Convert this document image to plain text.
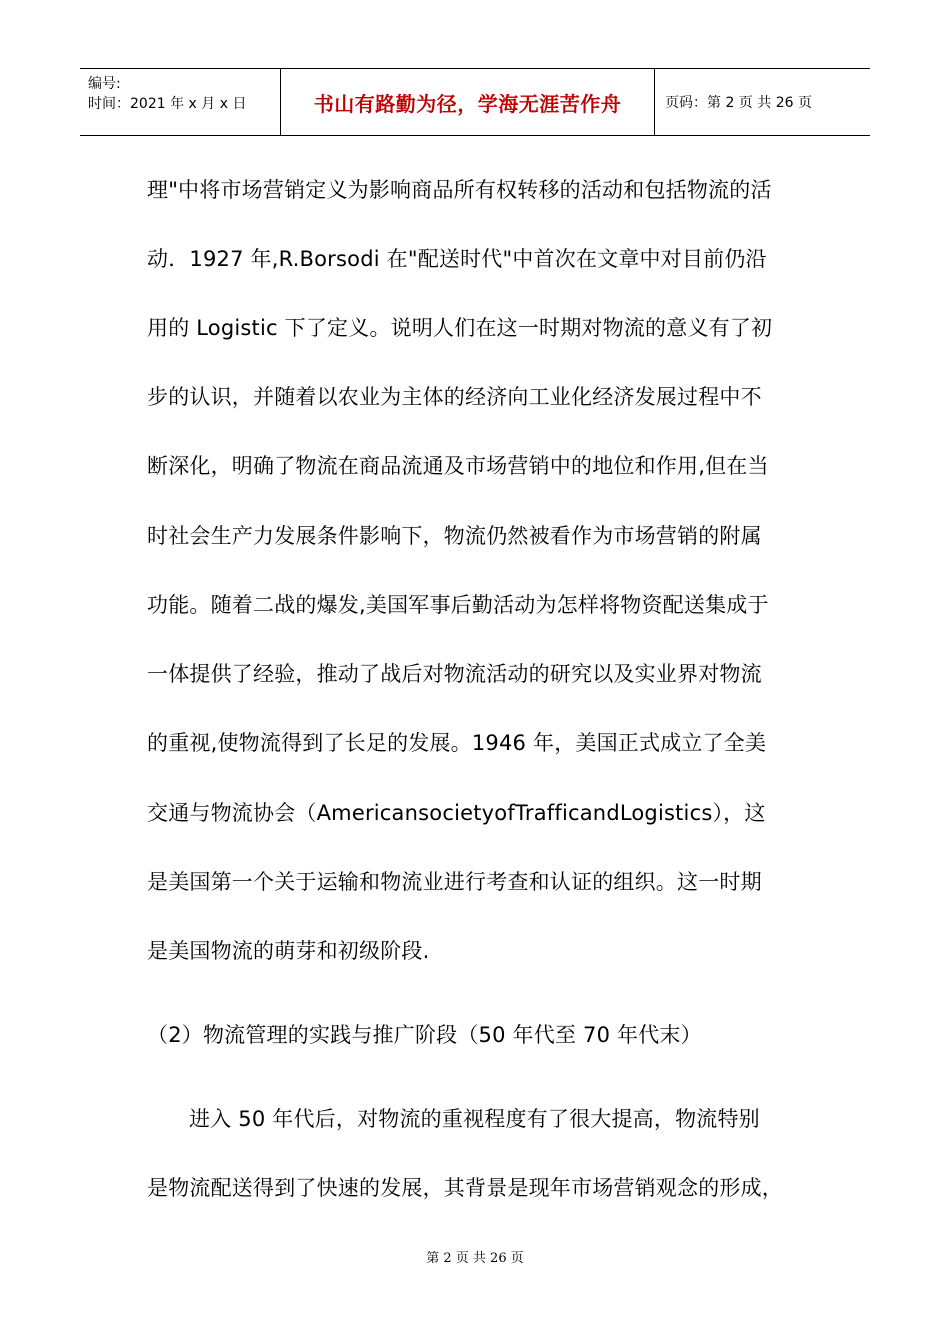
编号:
时间：2021 年 x 月 x 日	书山有路勤为径，学海无涯苦作舟	页码：第 2 页 共 26 页
理"中将市场营销定义为影响商品所有权转移的活动和包括物流的活
动．1927 年,R.Borsodi 在"配送时代"中首次在文章中对目前仍沿
用的 Logistic 下了定义。说明人们在这一时期对物流的意义有了初
步的认识，并随着以农业为主体的经济向工业化经济发展过程中不
断深化，明确了物流在商品流通及市场营销中的地位和作用,但在当
时社会生产力发展条件影响下，物流仍然被看作为市场营销的附属
功能。随着二战的爆发,美国军事后勤活动为怎样将物资配送集成于
一体提供了经验，推动了战后对物流活动的研究以及实业界对物流
的重视,使物流得到了长足的发展。1946 年，美国正式成立了全美
交通与物流协会（AmericansocietyofTrafficandLogistics），这
是美国第一个关于运输和物流业进行考查和认证的组织。这一时期
是美国物流的萌芽和初级阶段.
（2）物流管理的实践与推广阶段（50 年代至 70 年代末）
进入 50 年代后，对物流的重视程度有了很大提高，物流特别
是物流配送得到了快速的发展，其背景是现年市场营销观念的形成，
第 2 页 共 26 页
